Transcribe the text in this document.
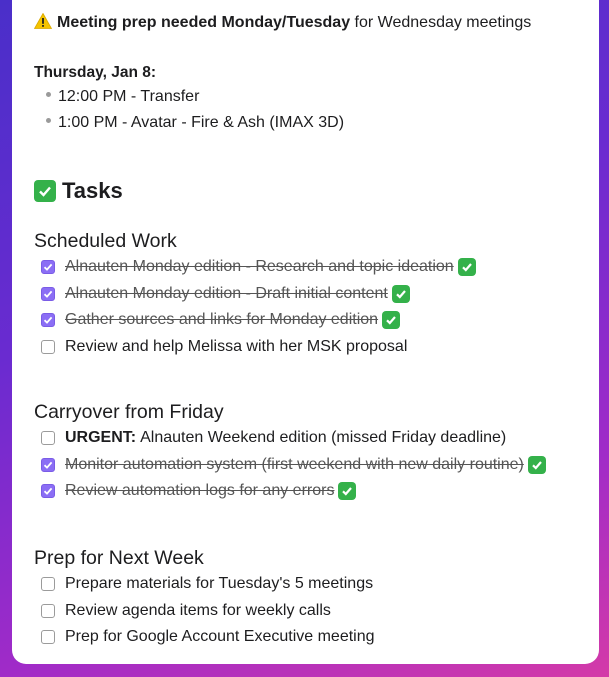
Meeting prep needed Monday/Tuesday for Wednesday meetings
Thursday, Jan 8:
12:00 PM - Transfer
1:00 PM - Avatar - Fire & Ash (IMAX 3D)
Tasks
Scheduled Work
Alnauten Monday edition - Research and topic ideation
Alnauten Monday edition - Draft initial content
Gather sources and links for Monday edition
Review and help Melissa with her MSK proposal
Carryover from Friday
URGENT: Alnauten Weekend edition (missed Friday deadline)
Monitor automation system (first weekend with new daily routine)
Review automation logs for any errors
Prep for Next Week
Prepare materials for Tuesday's 5 meetings
Review agenda items for weekly calls
Prep for Google Account Executive meeting
